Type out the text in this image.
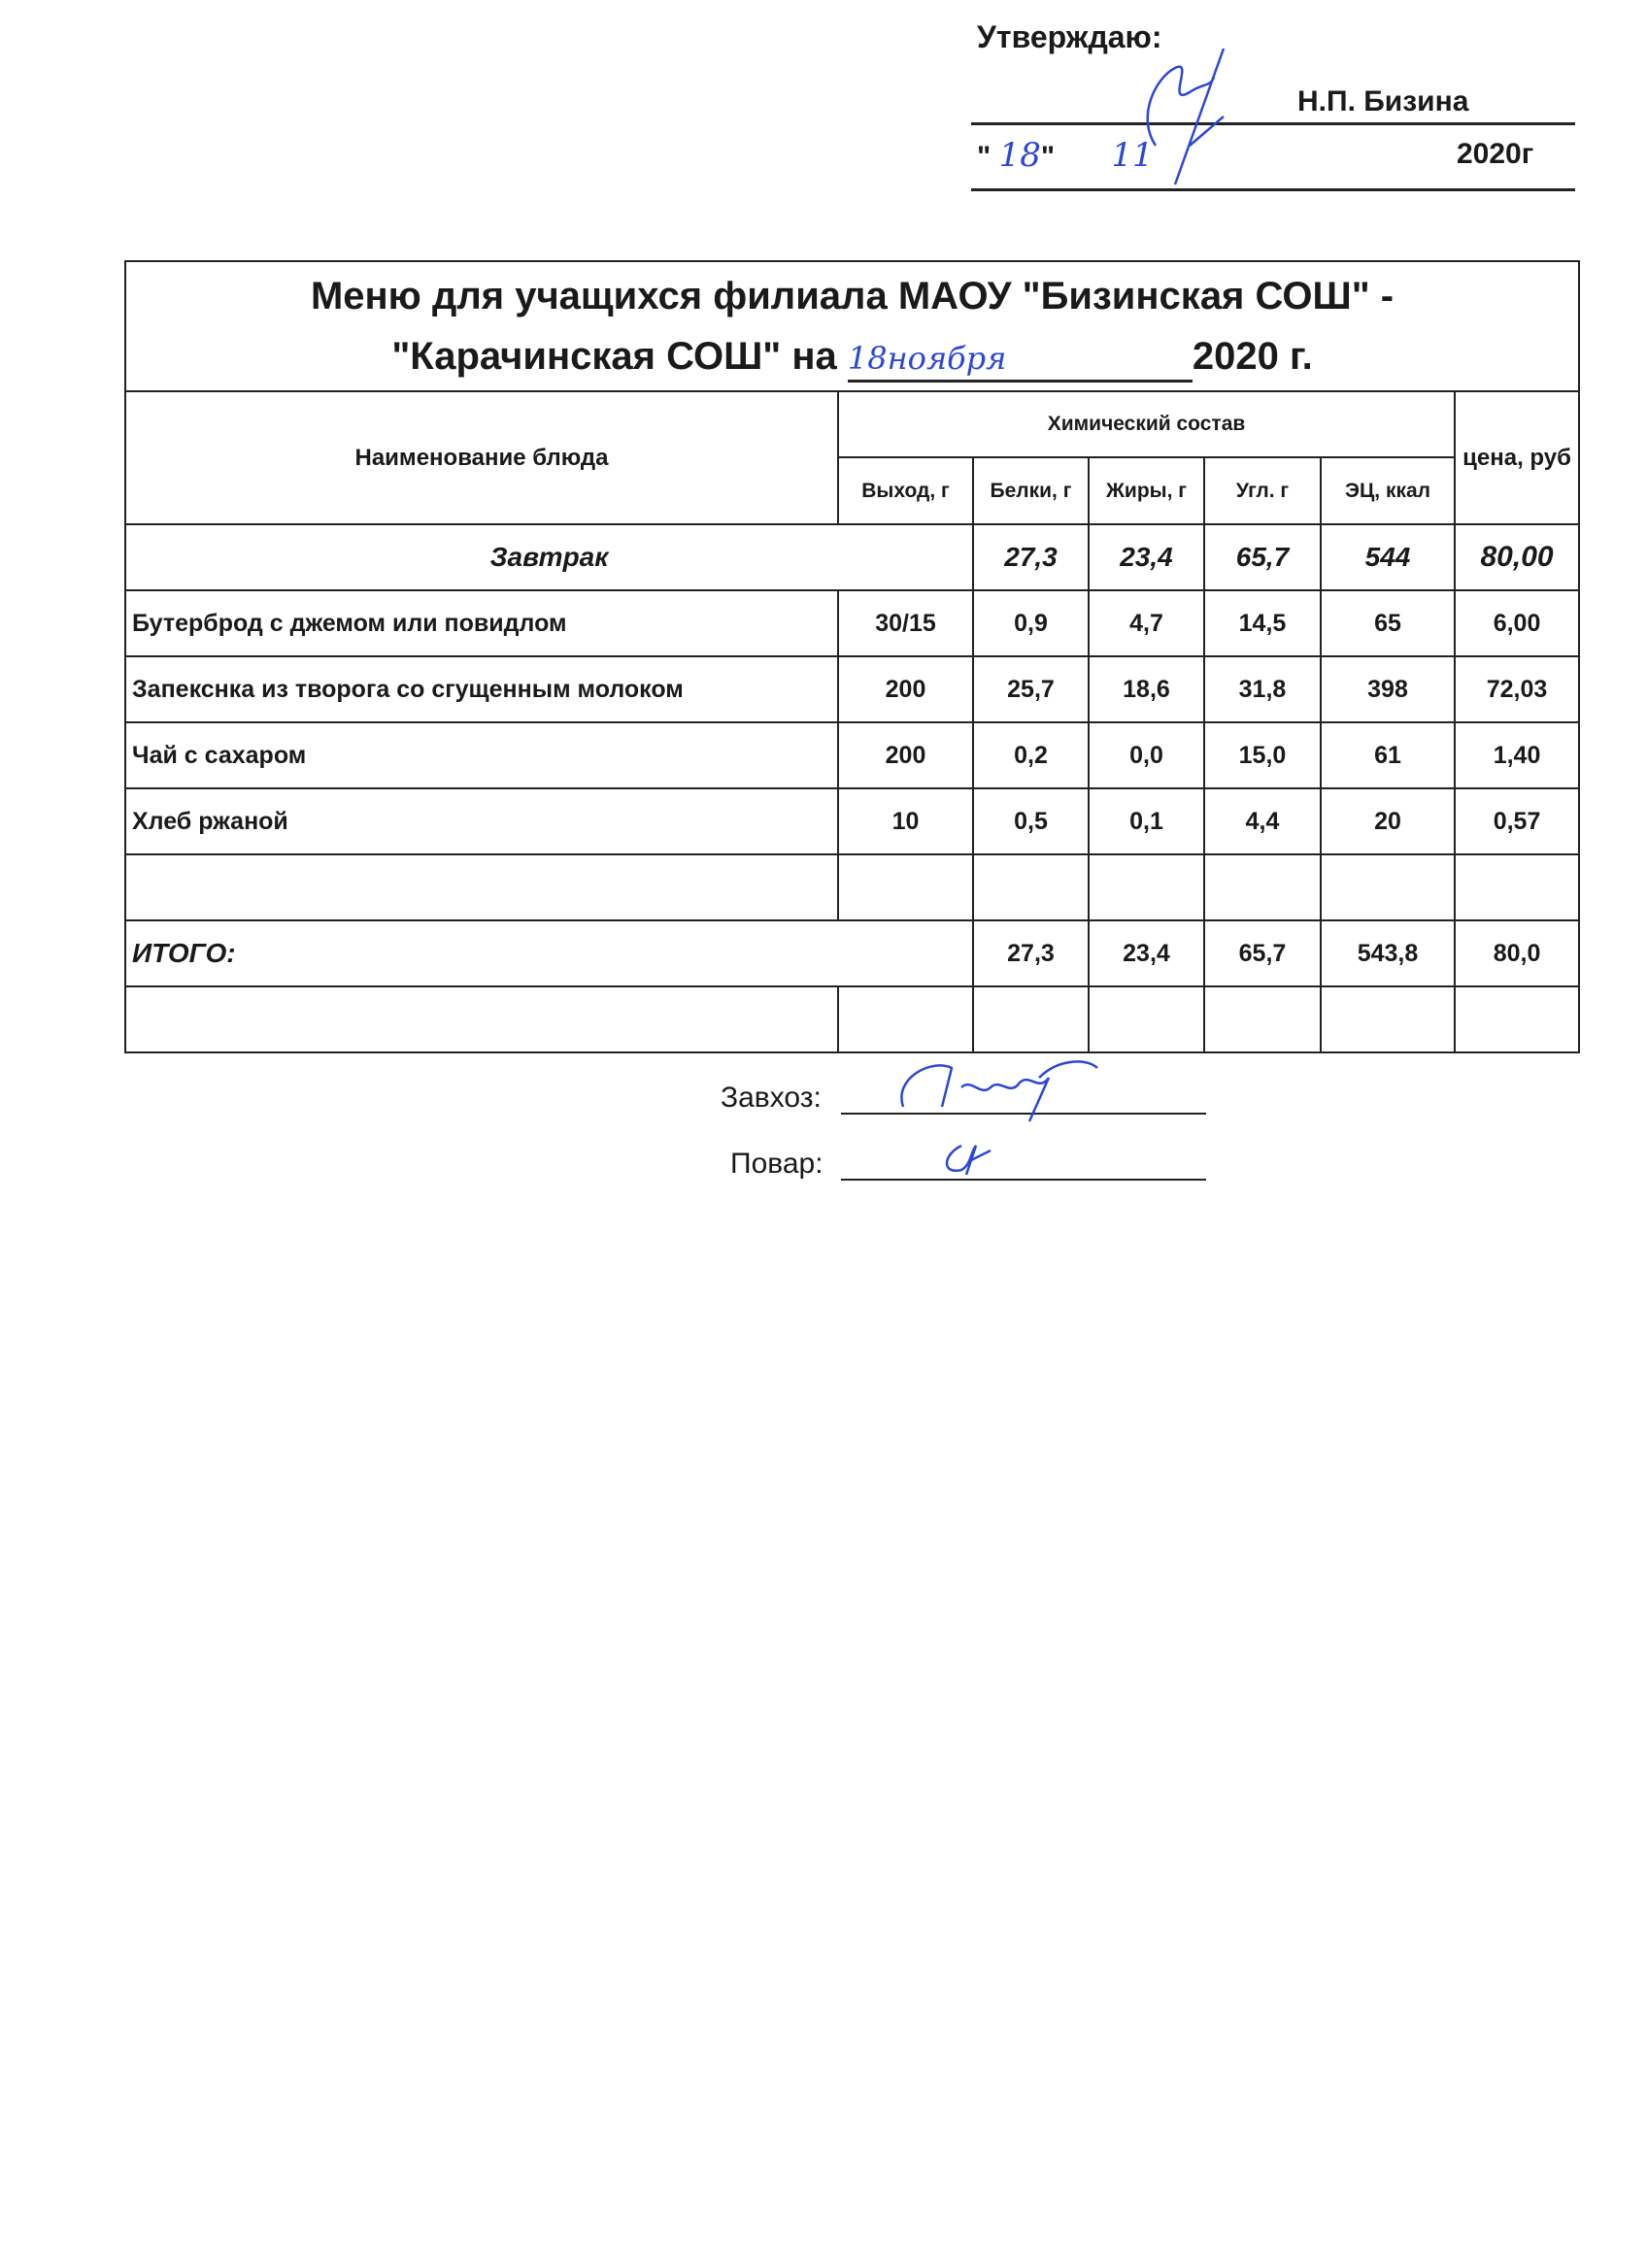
Утверждаю:
Н.П. Бизина
" 18" 11	2020г
Меню для учащихся филиала МАОУ "Бизинская СОШ" -
"Карачинская СОШ" на 18ноября 2020 г.						

Наименование блюда	Химический состав					цена, руб
	Выход, г	Белки, г	Жиры, г	Угл. г	ЭЦ, ккал	
Завтрак		27,3	23,4	65,7	544	80,00
Бутерброд с джемом или повидлом	30/15	0,9	4,7	14,5	65	6,00
Запекснка из творога со сгущенным молоком	200	25,7	18,6	31,8	398	72,03
Чай с сахаром	200	0,2	0,0	15,0	61	1,40
Хлеб ржаной	10	0,5	0,1	4,4	20	0,57

ИТОГО:		27,3	23,4	65,7	543,8	80,0

Завхоз:
Повар:
